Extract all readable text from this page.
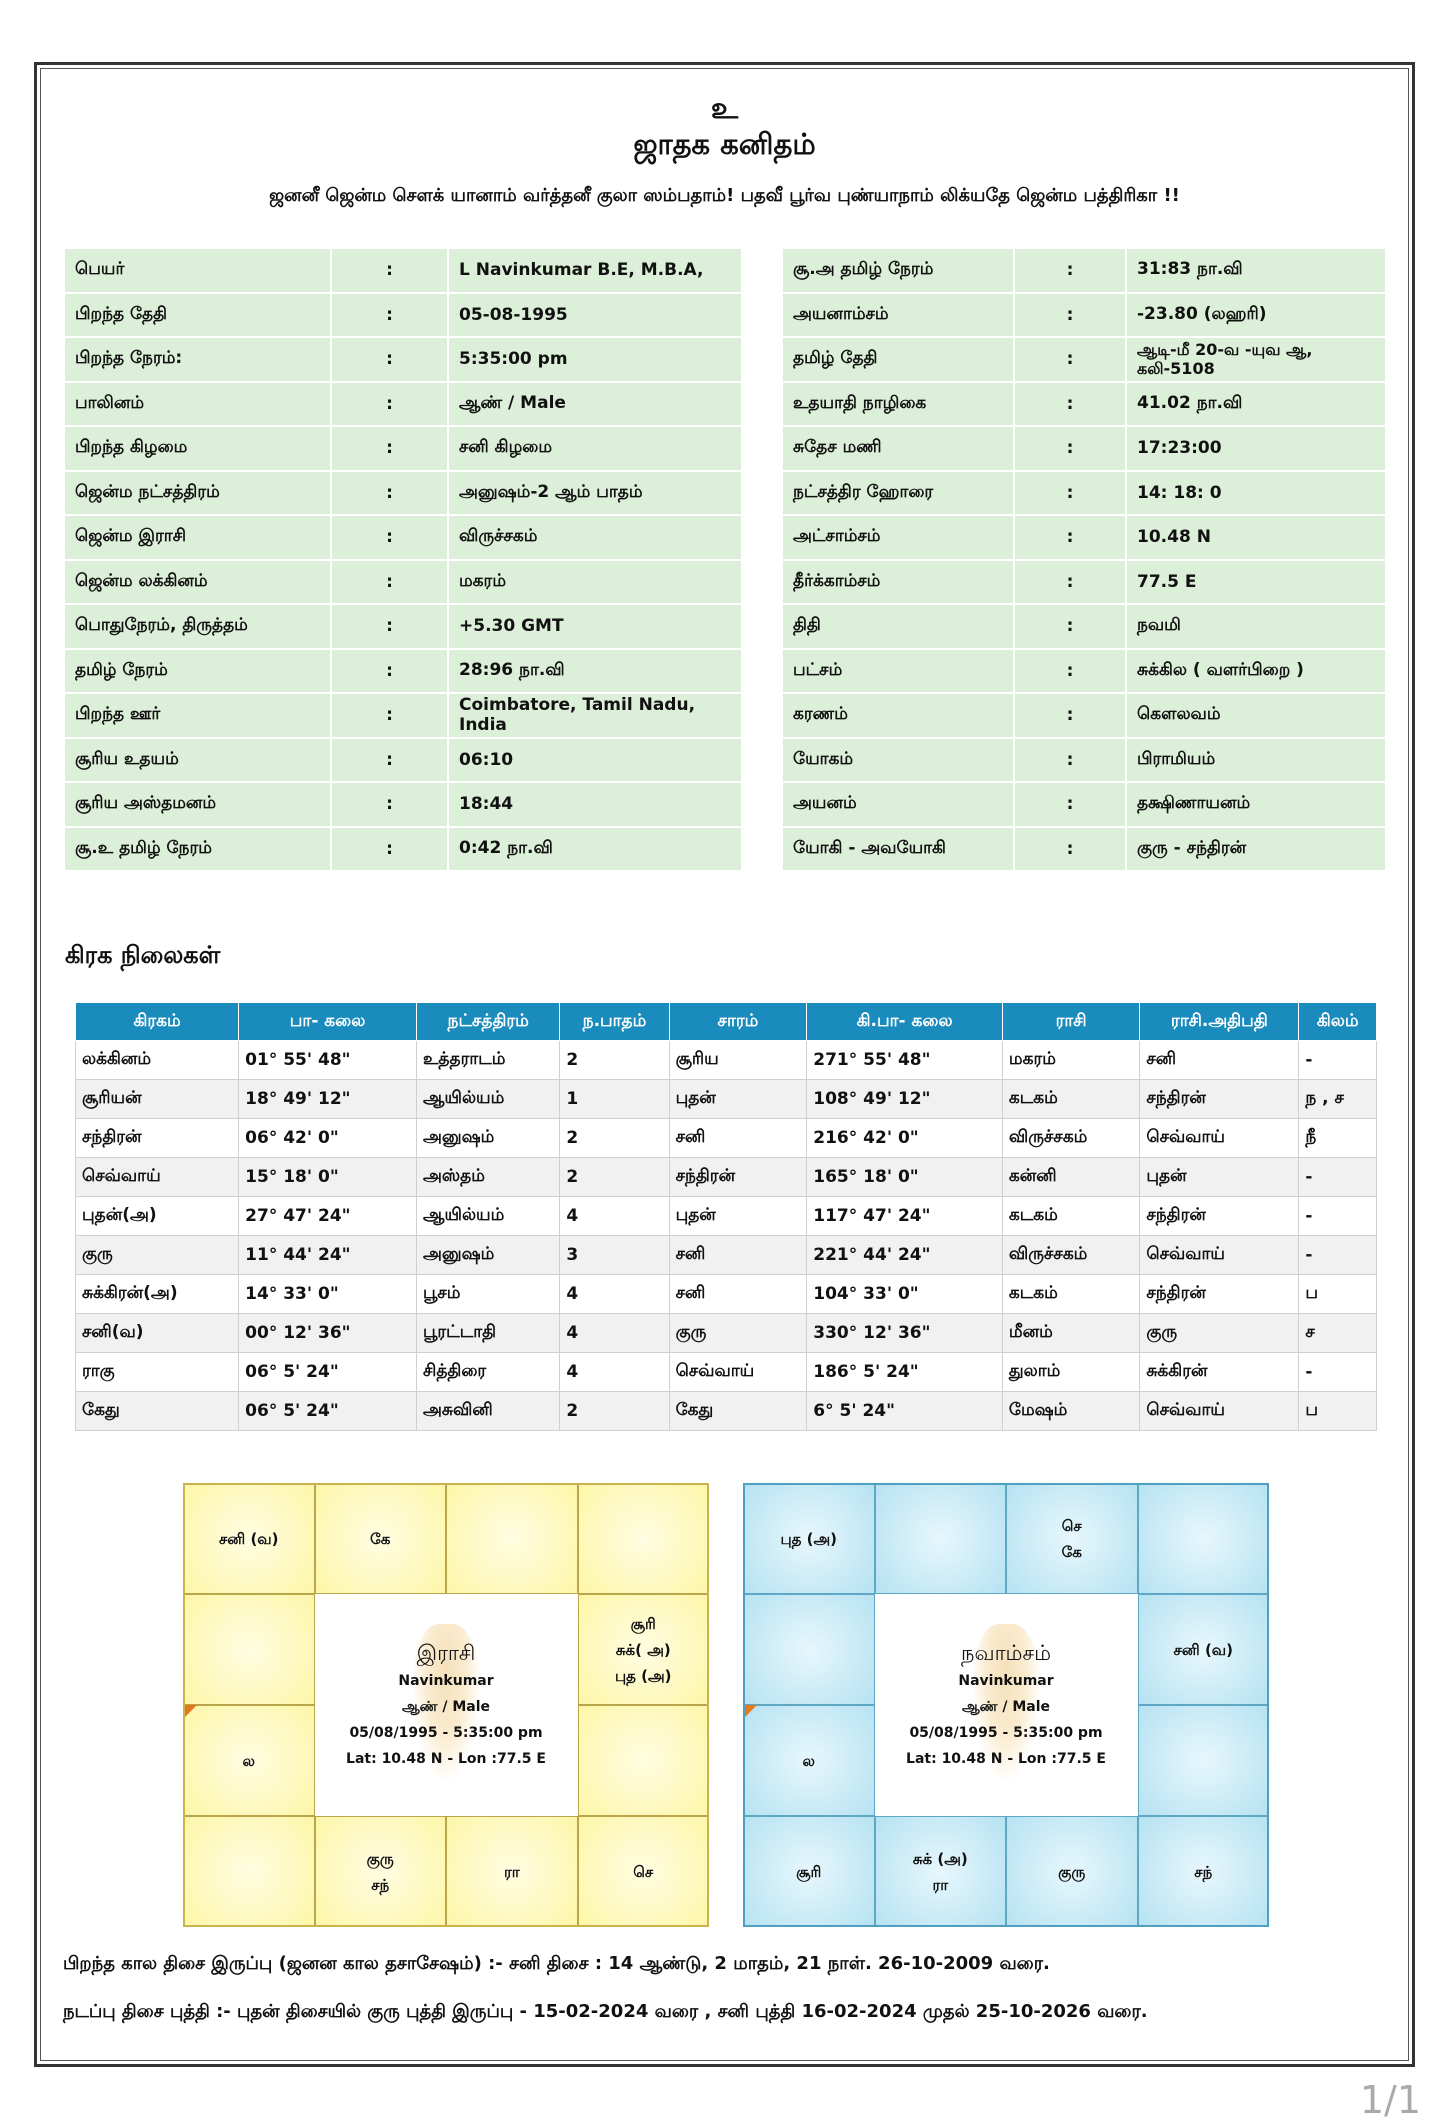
உ
ஜாதக கனிதம்
ஜனனீ ஜென்ம சௌக் யானாம் வர்த்தனீ குலா ஸம்பதாம்! பதவீ பூர்வ புண்யாநாம் லிக்யதே ஜென்ம பத்திரிகா !!
பெயர்	:	L Navinkumar B.E, M.B.A,
பிறந்த தேதி	:	05-08-1995
பிறந்த நேரம்:	:	5:35:00 pm
பாலினம்	:	ஆண் / Male
பிறந்த கிழமை	:	சனி கிழமை
ஜென்ம நட்சத்திரம்	:	அனுஷம்-2 ஆம் பாதம்
ஜென்ம இராசி	:	விருச்சகம்
ஜென்ம லக்கினம்	:	மகரம்
பொதுநேரம், திருத்தம்	:	+5.30 GMT
தமிழ் நேரம்	:	28:96 நா.வி
பிறந்த ஊர்	:	Coimbatore, Tamil Nadu, India
சூரிய உதயம்	:	06:10
சூரிய அஸ்தமனம்	:	18:44
சூ.உ தமிழ் நேரம்	:	0:42 நா.வி
சூ.அ தமிழ் நேரம்	:	31:83 நா.வி
அயனாம்சம்	:	-23.80 (லஹரி)
தமிழ் தேதி	:	ஆடி-மீ 20-வ -யுவ ஆ,
கலி-5108

உதயாதி நாழிகை	:	41.02 நா.வி
சுதேச மணி	:	17:23:00
நட்சத்திர ஹோரை	:	14: 18: 0
அட்சாம்சம்	:	10.48 N
தீர்க்காம்சம்	:	77.5 E
திதி	:	நவமி
பட்சம்	:	சுக்கில ( வளர்பிறை )
கரணம்	:	கௌலவம்
யோகம்	:	பிராமியம்
அயனம்	:	தக்ஷிணாயனம்
யோகி - அவயோகி	:	குரு - சந்திரன்
கிரக நிலைகள்
கிரகம்	பா- கலை	நட்சத்திரம்	ந.பாதம்	சாரம்	கி.பா- கலை	ராசி	ராசி.அதிபதி	கிலம்
லக்கினம்	01° 55' 48"	உத்தராடம்	2	சூரிய	271° 55' 48"	மகரம்	சனி	-
சூரியன்	18° 49' 12"	ஆயில்யம்	1	புதன்	108° 49' 12"	கடகம்	சந்திரன்	ந , ச
சந்திரன்	06° 42' 0"	அனுஷம்	2	சனி	216° 42' 0"	விருச்சகம்	செவ்வாய்	நீ
செவ்வாய்	15° 18' 0"	அஸ்தம்	2	சந்திரன்	165° 18' 0"	கன்னி	புதன்	-
புதன்(அ)	27° 47' 24"	ஆயில்யம்	4	புதன்	117° 47' 24"	கடகம்	சந்திரன்	-
குரு	11° 44' 24"	அனுஷம்	3	சனி	221° 44' 24"	விருச்சகம்	செவ்வாய்	-
சுக்கிரன்(அ)	14° 33' 0"	பூசம்	4	சனி	104° 33' 0"	கடகம்	சந்திரன்	ப
சனி(வ)	00° 12' 36"	பூரட்டாதி	4	குரு	330° 12' 36"	மீனம்	குரு	ச
ராகு	06° 5' 24"	சித்திரை	4	செவ்வாய்	186° 5' 24"	துலாம்	சுக்கிரன்	-
கேது	06° 5' 24"	அசுவினி	2	கேது	6° 5' 24"	மேஷம்	செவ்வாய்	ப
சனி (வ)	கே
சூரி
சுக்( அ)
புத (அ)
ல
குரு
சந்
ரா	செ
இராசி
Navinkumar
ஆண் / Male
05/08/1995 - 5:35:00 pm
Lat: 10.48 N - Lon :77.5 E
புத (அ)
செ
கே
சனி (வ)
ல
சூரி
சுக் (அ)
ரா
குரு	சந்
நவாம்சம்
Navinkumar
ஆண் / Male
05/08/1995 - 5:35:00 pm
Lat: 10.48 N - Lon :77.5 E
பிறந்த கால திசை இருப்பு (ஜனன கால தசாசேஷம்) :- சனி திசை : 14 ஆண்டு, 2 மாதம், 21 நாள். 26-10-2009 வரை.
நடப்பு திசை புத்தி :- புதன் திசையில் குரு புத்தி இருப்பு - 15-02-2024 வரை , சனி புத்தி 16-02-2024 முதல் 25-10-2026 வரை.
1/1
